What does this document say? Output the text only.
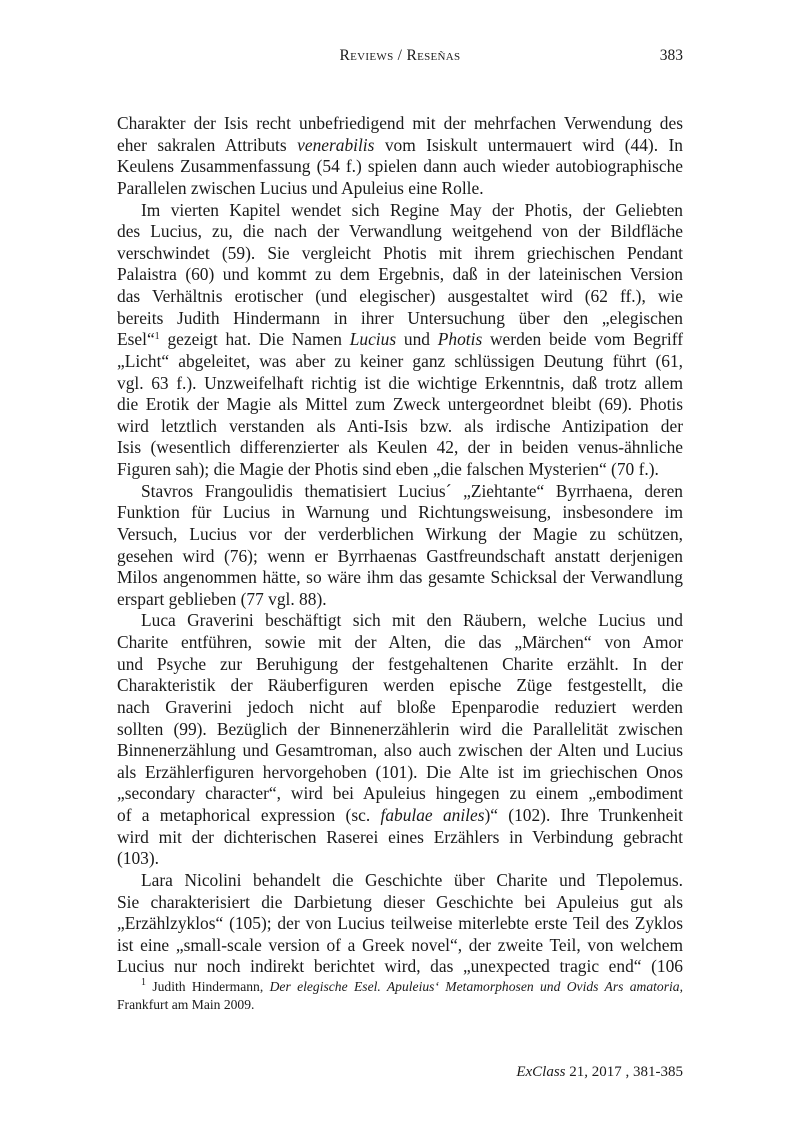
Reviews / Reseñas	383
Charakter der Isis recht unbefriedigend mit der mehrfachen Verwendung des
eher sakralen Attributs venerabilis vom Isiskult untermauert wird (44). In
Keulens Zusammenfassung (54 f.) spielen dann auch wieder autobiographische
Parallelen zwischen Lucius und Apuleius eine Rolle.
Im vierten Kapitel wendet sich Regine May der Photis, der Geliebten
des Lucius, zu, die nach der Verwandlung weitgehend von der Bildfläche
verschwindet (59). Sie vergleicht Photis mit ihrem griechischen Pendant
Palaistra (60) und kommt zu dem Ergebnis, daß in der lateinischen Version
das Verhältnis erotischer (und elegischer) ausgestaltet wird (62 ff.), wie
bereits Judith Hindermann in ihrer Untersuchung über den „elegischen
Esel“$^1$ gezeigt hat. Die Namen Lucius und Photis werden beide vom Begriff
„Licht“ abgeleitet, was aber zu keiner ganz schlüssigen Deutung führt (61,
vgl. 63 f.). Unzweifelhaft richtig ist die wichtige Erkenntnis, daß trotz allem
die Erotik der Magie als Mittel zum Zweck untergeordnet bleibt (69). Photis
wird letztlich verstanden als Anti-Isis bzw. als irdische Antizipation der
Isis (wesentlich differenzierter als Keulen 42, der in beiden venus-ähnliche
Figuren sah); die Magie der Photis sind eben „die falschen Mysterien“ (70 f.).
Stavros Frangoulidis thematisiert Lucius´ „Ziehtante“ Byrrhaena, deren
Funktion für Lucius in Warnung und Richtungsweisung, insbesondere im
Versuch, Lucius vor der verderblichen Wirkung der Magie zu schützen,
gesehen wird (76); wenn er Byrrhaenas Gastfreundschaft anstatt derjenigen
Milos angenommen hätte, so wäre ihm das gesamte Schicksal der Verwandlung
erspart geblieben (77 vgl. 88).
Luca Graverini beschäftigt sich mit den Räubern, welche Lucius und
Charite entführen, sowie mit der Alten, die das „Märchen“ von Amor
und Psyche zur Beruhigung der festgehaltenen Charite erzählt. In der
Charakteristik der Räuberfiguren werden epische Züge festgestellt, die
nach Graverini jedoch nicht auf bloße Epenparodie reduziert werden
sollten (99). Bezüglich der Binnenerzählerin wird die Parallelität zwischen
Binnenerzählung und Gesamtroman, also auch zwischen der Alten und Lucius
als Erzählerfiguren hervorgehoben (101). Die Alte ist im griechischen Onos
„secondary character“, wird bei Apuleius hingegen zu einem „embodiment
of a metaphorical expression (sc. fabulae aniles)“ (102). Ihre Trunkenheit
wird mit der dichterischen Raserei eines Erzählers in Verbindung gebracht
(103).
Lara Nicolini behandelt die Geschichte über Charite und Tlepolemus.
Sie charakterisiert die Darbietung dieser Geschichte bei Apuleius gut als
„Erzählzyklos“ (105); der von Lucius teilweise miterlebte erste Teil des Zyklos
ist eine „small-scale version of a Greek novel“, der zweite Teil, von welchem
Lucius nur noch indirekt berichtet wird, das „unexpected tragic end“ (106
$^1$ Judith Hindermann, Der elegische Esel. Apuleius‘ Metamorphosen und Ovids Ars amatoria,
Frankfurt am Main 2009.
ExClass 21, 2017 , 381-385
